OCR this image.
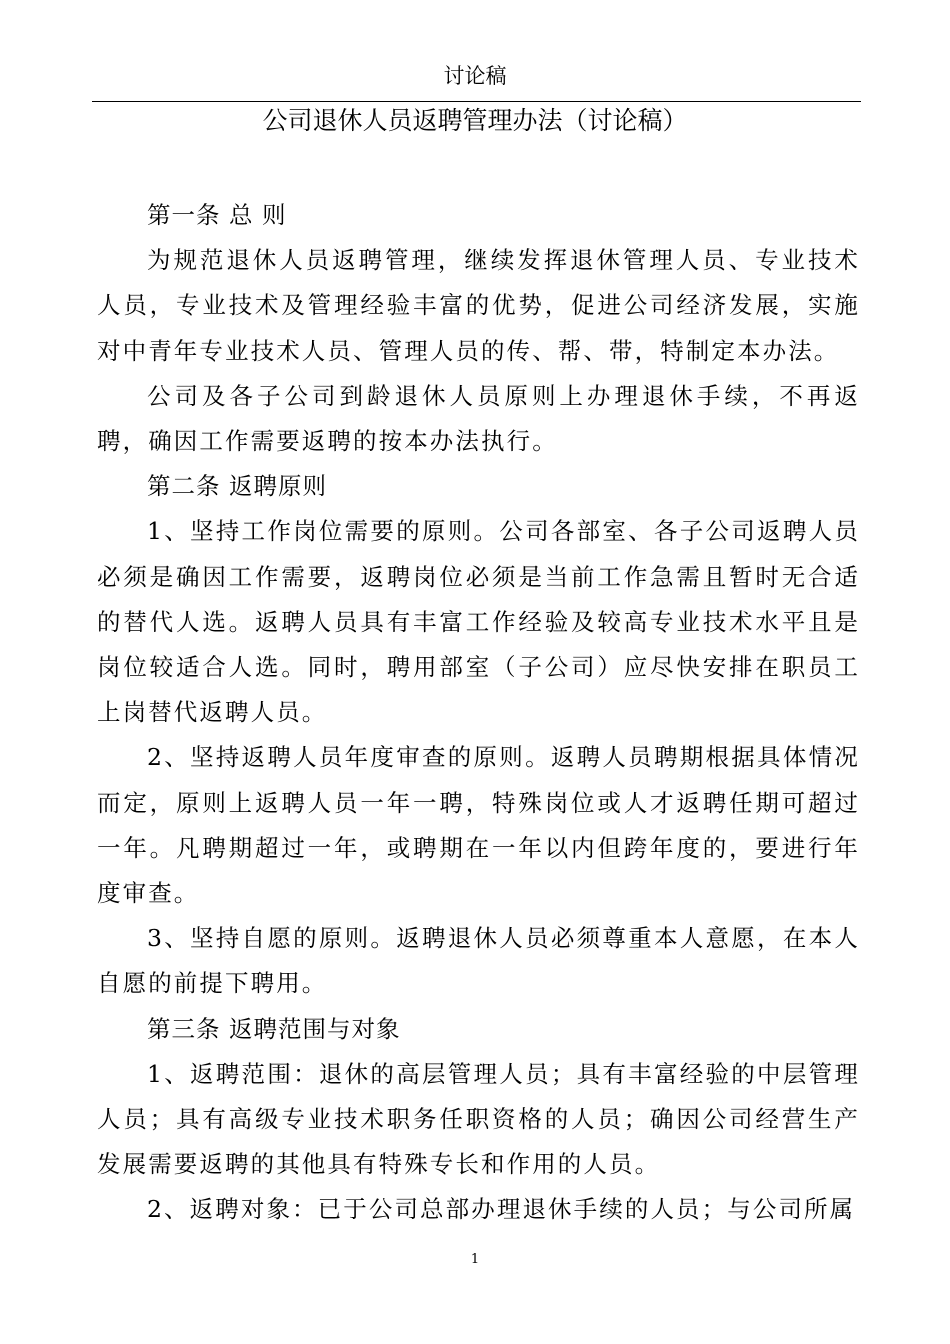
讨论稿
公司退休人员返聘管理办法（讨论稿）

第一条 总 则

为规范退休人员返聘管理，继续发挥退休管理人员、专业技术人员，专业技术及管理经验丰富的优势，促进公司经济发展，实施对中青年专业技术人员、管理人员的传、帮、带，特制定本办法。

公司及各子公司到龄退休人员原则上办理退休手续，不再返聘，确因工作需要返聘的按本办法执行。

第二条 返聘原则

1、坚持工作岗位需要的原则。公司各部室、各子公司返聘人员必须是确因工作需要，返聘岗位必须是当前工作急需且暂时无合适的替代人选。返聘人员具有丰富工作经验及较高专业技术水平且是岗位较适合人选。同时，聘用部室（子公司）应尽快安排在职员工上岗替代返聘人员。

2、坚持返聘人员年度审查的原则。返聘人员聘期根据具体情况而定，原则上返聘人员一年一聘，特殊岗位或人才返聘任期可超过一年。凡聘期超过一年，或聘期在一年以内但跨年度的，要进行年度审查。

3、坚持自愿的原则。返聘退休人员必须尊重本人意愿，在本人自愿的前提下聘用。

第三条 返聘范围与对象

1、返聘范围：退休的高层管理人员；具有丰富经验的中层管理人员；具有高级专业技术职务任职资格的人员；确因公司经营生产发展需要返聘的其他具有特殊专长和作用的人员。

2、返聘对象：已于公司总部办理退休手续的人员；与公司所属

1
